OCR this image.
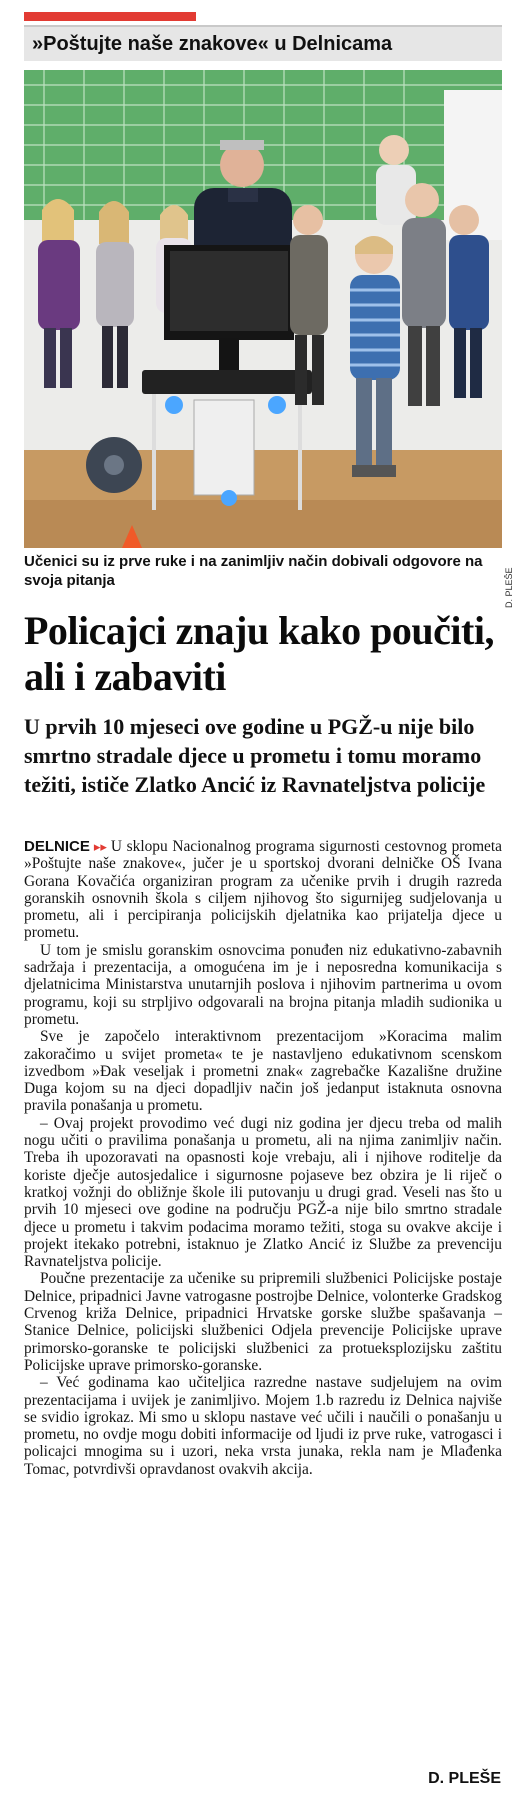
»Poštujte naše znakove« u Delnicama
D. PLEŠE
Učenici su iz prve ruke i na zanimljiv način dobivali odgovore na svoja pitanja
Policajci znaju kako poučiti, ali i zabaviti
U prvih 10 mjeseci ove godine u PGŽ-u nije bilo smrtno stradale djece u prometu i tomu moramo težiti, ističe Zlatko Ancić iz Ravnateljstva policije

DELNICE ▸▸ U sklopu Nacionalnog programa sigurnosti cestovnog prometa »Poštujte naše znakove«, jučer je u sportskoj dvorani delničke OŠ Ivana Gorana Kovačića organiziran program za učenike prvih i drugih razreda goranskih osnovnih škola s ciljem njihovog što sigurnijeg sudjelovanja u prometu, ali i percipiranja policijskih djelatnika kao prijatelja djece u prometu.

U tom je smislu goranskim osnovcima ponuđen niz edukativno-zabavnih sadržaja i prezentacija, a omogućena im je i neposredna komunikacija s djelatnicima Ministarstva unutarnjih poslova i njihovim partnerima u ovom programu, koji su strpljivo odgovarali na brojna pitanja mladih sudionika u prometu.

Sve je započelo interaktivnom prezentacijom »Koracima malim zakoračimo u svijet prometa« te je nastavljeno edukativnom scenskom izvedbom »Đak veseljak i prometni znak« zagrebačke Kazališne družine Duga kojom su na djeci dopadljiv način još jedanput istaknuta osnovna pravila ponašanja u prometu.

– Ovaj projekt provodimo već dugi niz godina jer djecu treba od malih nogu učiti o pravilima ponašanja u prometu, ali na njima zanimljiv način. Treba ih upozoravati na opasnosti koje vrebaju, ali i njihove roditelje da koriste dječje autosjedalice i sigurnosne pojaseve bez obzira je li riječ o kratkoj vožnji do obližnje škole ili putovanju u drugi grad. Veseli nas što u prvih 10 mjeseci ove godine na području PGŽ-a nije bilo smrtno stradale djece u prometu i takvim podacima moramo težiti, stoga su ovakve akcije i projekt itekako potrebni, istaknuo je Zlatko Ancić iz Službe za prevenciju Ravnateljstva policije.

Poučne prezentacije za učenike su pripremili službenici Policijske postaje Delnice, pripadnici Javne vatrogasne postrojbe Delnice, volonterke Gradskog Crvenog križa Delnice, pripadnici Hrvatske gorske službe spašavanja – Stanice Delnice, policijski službenici Odjela prevencije Policijske uprave primorsko-goranske te policijski službenici za protueksplozijsku zaštitu Policijske uprave primorsko-goranske.

– Već godinama kao učiteljica razredne nastave sudjelujem na ovim prezentacijama i uvijek je zanimljivo. Mojem 1.b razredu iz Delnica najviše se svidio igrokaz. Mi smo u sklopu nastave već učili i naučili o ponašanju u prometu, no ovdje mogu dobiti informacije od ljudi iz prve ruke, vatrogasci i policajci mnogima su i uzori, neka vrsta junaka, rekla nam je Mlađenka Tomac, potvrdivši opravdanost ovakvih akcija.

D. PLEŠE
